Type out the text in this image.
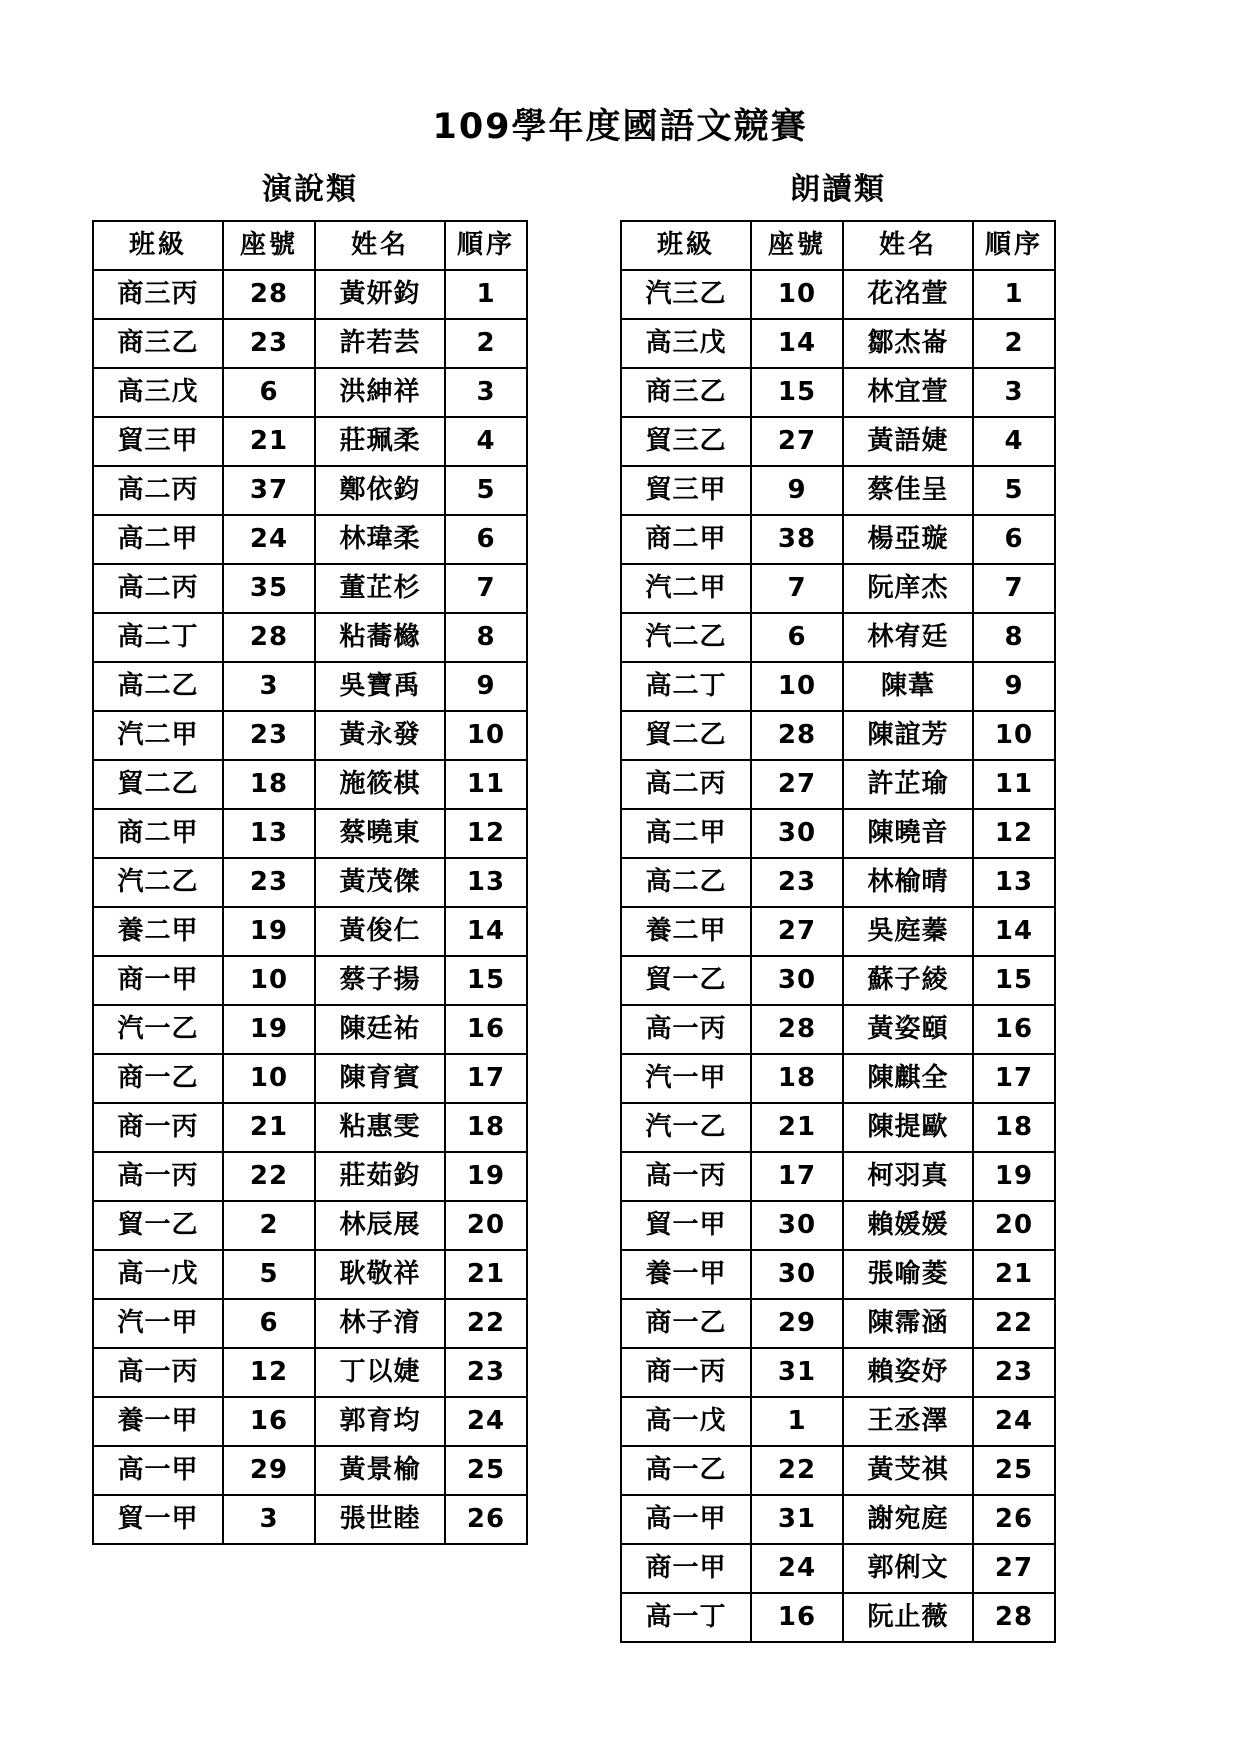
109學年度國語文競賽
演說類
班級	座號	姓名	順序
商三丙	28	黃妍鈞	1
商三乙	23	許若芸	2
高三戊	6	洪紳祥	3
貿三甲	21	莊珮柔	4
高二丙	37	鄭依鈞	5
高二甲	24	林瑋柔	6
高二丙	35	董芷杉	7
高二丁	28	粘蕎櫞	8
高二乙	3	吳寶禹	9
汽二甲	23	黃永發	10
貿二乙	18	施筱棋	11
商二甲	13	蔡曉東	12
汽二乙	23	黃茂傑	13
養二甲	19	黃俊仁	14
商一甲	10	蔡子揚	15
汽一乙	19	陳廷祐	16
商一乙	10	陳育賓	17
商一丙	21	粘惠雯	18
高一丙	22	莊茹鈞	19
貿一乙	2	林辰展	20
高一戊	5	耿敬祥	21
汽一甲	6	林子淯	22
高一丙	12	丁以婕	23
養一甲	16	郭育均	24
高一甲	29	黃景榆	25
貿一甲	3	張世睦	26
朗讀類
班級	座號	姓名	順序
汽三乙	10	花洺萱	1
高三戊	14	鄒杰崙	2
商三乙	15	林宜萱	3
貿三乙	27	黃語婕	4
貿三甲	9	蔡佳呈	5
商二甲	38	楊亞璇	6
汽二甲	7	阮庠杰	7
汽二乙	6	林宥廷	8
高二丁	10	陳葦	9
貿二乙	28	陳誼芳	10
高二丙	27	許芷瑜	11
高二甲	30	陳曉音	12
高二乙	23	林榆晴	13
養二甲	27	吳庭蓁	14
貿一乙	30	蘇子綾	15
高一丙	28	黃姿頤	16
汽一甲	18	陳麒全	17
汽一乙	21	陳提歐	18
高一丙	17	柯羽真	19
貿一甲	30	賴媛媛	20
養一甲	30	張喻菱	21
商一乙	29	陳霈涵	22
商一丙	31	賴姿妤	23
高一戊	1	王丞澤	24
高一乙	22	黃芠祺	25
高一甲	31	謝宛庭	26
商一甲	24	郭俐文	27
高一丁	16	阮止薇	28
